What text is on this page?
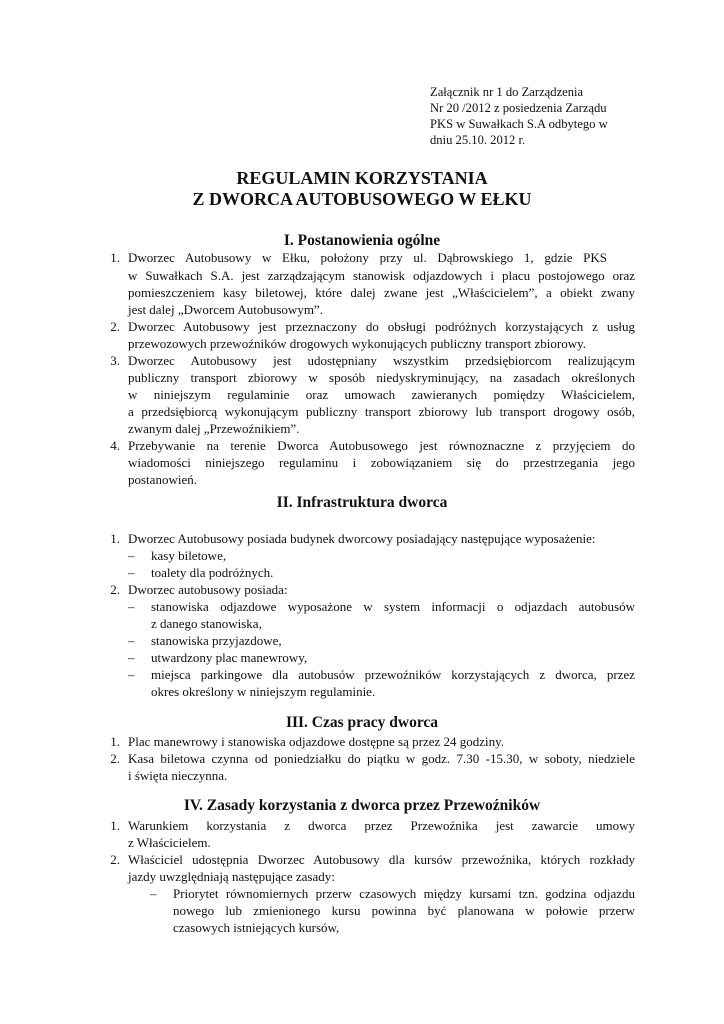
Załącznik nr 1 do Zarządzenia
Nr 20 /2012 z posiedzenia Zarządu
PKS w Suwałkach S.A odbytego w
dniu 25.10. 2012 r.
REGULAMIN KORZYSTANIA
Z DWORCA AUTOBUSOWEGO W EŁKU
I. Postanowienia ogólne
1. Dworzec Autobusowy w Ełku, położony przy ul. Dąbrowskiego 1, gdzie PKS
w Suwałkach S.A. jest zarządzającym stanowisk odjazdowych i placu postojowego oraz
pomieszczeniem kasy biletowej, które dalej zwane jest „Właścicielem”, a obiekt zwany
jest dalej „Dworcem Autobusowym”.
2. Dworzec Autobusowy jest przeznaczony do obsługi podróżnych korzystających z usług
przewozowych przewoźników drogowych wykonujących publiczny transport zbiorowy.
3. Dworzec Autobusowy jest udostępniany wszystkim przedsiębiorcom realizującym
publiczny transport zbiorowy w sposób niedyskryminujący, na zasadach określonych
w niniejszym regulaminie oraz umowach zawieranych pomiędzy Właścicielem,
a przedsiębiorcą wykonującym publiczny transport zbiorowy lub transport drogowy osób,
zwanym dalej „Przewoźnikiem”.
4. Przebywanie na terenie Dworca Autobusowego jest równoznaczne z przyjęciem do
wiadomości niniejszego regulaminu i zobowiązaniem się do przestrzegania jego
postanowień.
II. Infrastruktura dworca
1. Dworzec Autobusowy posiada budynek dworcowy posiadający następujące wyposażenie:
– kasy biletowe,
– toalety dla podróżnych.
2. Dworzec autobusowy posiada:
– stanowiska odjazdowe wyposażone w system informacji o odjazdach autobusów
z danego stanowiska,
– stanowiska przyjazdowe,
– utwardzony plac manewrowy,
– miejsca parkingowe dla autobusów przewoźników korzystających z dworca, przez
okres określony w niniejszym regulaminie.
III. Czas pracy dworca
1. Plac manewrowy i stanowiska odjazdowe dostępne są przez 24 godziny.
2. Kasa biletowa czynna od poniedziałku do piątku w godz. 7.30 -15.30, w soboty, niedziele
i święta nieczynna.
IV. Zasady korzystania z dworca przez Przewoźników
1. Warunkiem korzystania z dworca przez Przewoźnika jest zawarcie umowy
z Właścicielem.
2. Właściciel udostępnia Dworzec Autobusowy dla kursów przewoźnika, których rozkłady
jazdy uwzględniają następujące zasady:
– Priorytet równomiernych przerw czasowych między kursami tzn. godzina odjazdu
nowego lub zmienionego kursu powinna być planowana w połowie przerw
czasowych istniejących kursów,
